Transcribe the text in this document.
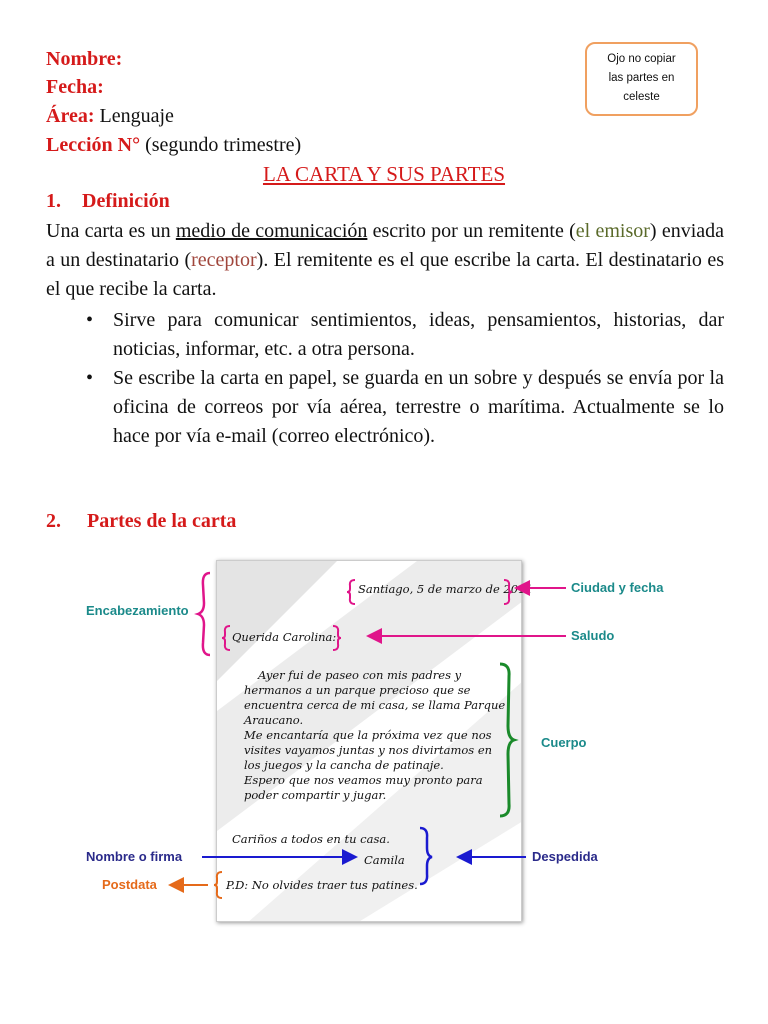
Nombre:
Fecha:
Área: Lenguaje
Lección N° (segundo trimestre)
Ojo no copiar
las partes en
celeste
LA CARTA Y SUS PARTES
1. Definición
Una carta es un medio de comunicación escrito por un remitente (el emisor) enviada a un destinatario (receptor). El remitente es el que escribe la carta. El destinatario es el que recibe la carta.
• Sirve para comunicar sentimientos, ideas, pensamientos, historias, dar noticias, informar, etc. a otra persona.
• Se escribe la carta en papel, se guarda en un sobre y después se envía por la oficina de correos por vía aérea, terrestre o marítima. Actualmente se lo hace por vía e-mail (correo electrónico).
2. Partes de la carta
Santiago, 5 de marzo de 2011
Querida Carolina:
Ayer fui de paseo con mis padres y
hermanos a un parque precioso que se
encuentra cerca de mi casa, se llama Parque
Araucano.
Me encantaría que la próxima vez que nos
visites vayamos juntas y nos divirtamos en
los juegos y la cancha de patinaje.
Espero que nos veamos muy pronto para
poder compartir y jugar.
Cariños a todos en tu casa.
Camila
P.D: No olvides traer tus patines.
Encabezamiento
Ciudad y fecha
Saludo
Cuerpo
Nombre o firma	Despedida
Postdata
